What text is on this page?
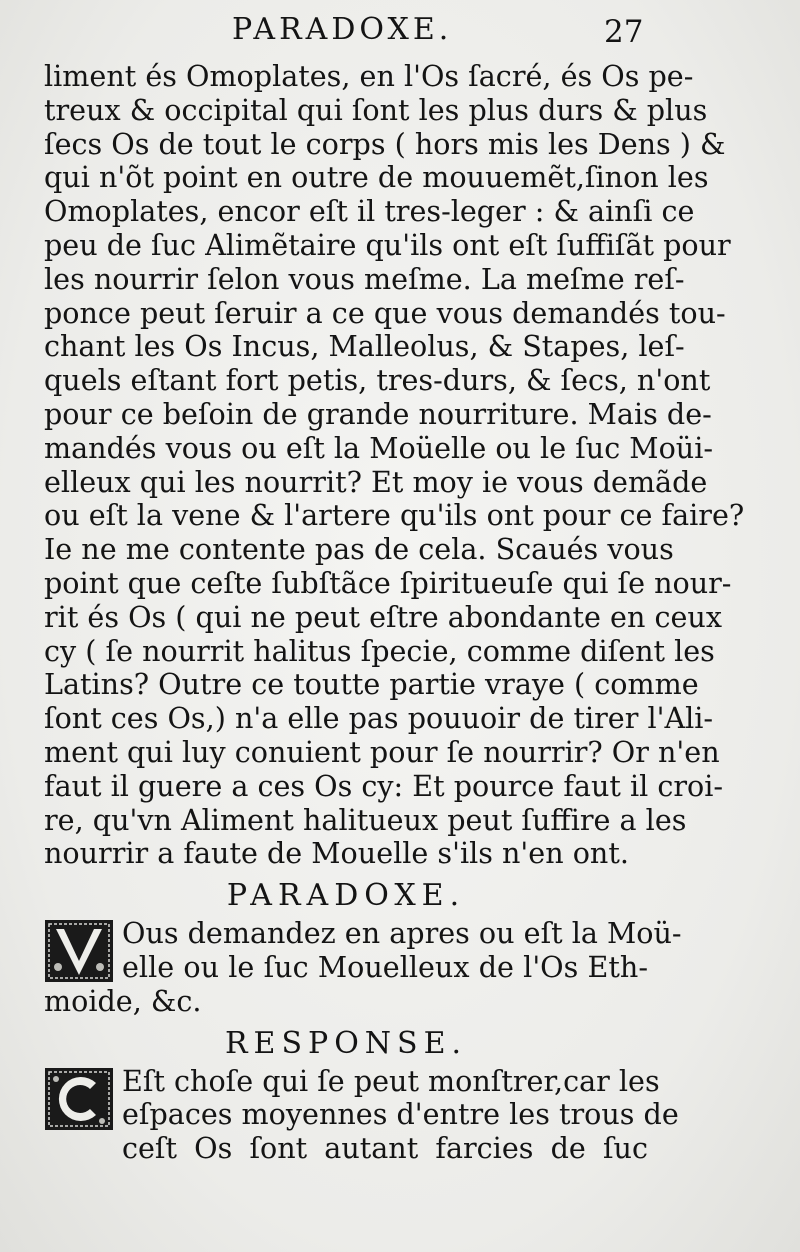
PARADOXE.	27
liment és Omoplates, en l'Os ſacré, és Os pe-
treux & occipital qui ſont les plus durs & plus
ſecs Os de tout le corps ( hors mis les Dens ) &
qui n'õt point en outre de mouuemẽt,ſinon les
Omoplates, encor eſt il tres-leger : & ainſi ce
peu de ſuc Alimẽtaire qu'ils ont eſt ſuffiſãt pour
les nourrir ſelon vous meſme. La meſme reſ-
ponce peut ſeruir a ce que vous demandés tou-
chant les Os Incus, Malleolus, & Stapes, leſ-
quels eſtant fort petis, tres-durs, & ſecs, n'ont
pour ce beſoin de grande nourriture. Mais de-
mandés vous ou eſt la Moüelle ou le ſuc Moüi-
elleux qui les nourrit? Et moy ie vous demãde
ou eſt la vene & l'artere qu'ils ont pour ce faire?
Ie ne me contente pas de cela. Scaués vous
point que ceſte ſubſtãce ſpiritueuſe qui ſe nour-
rit és Os ( qui ne peut eſtre abondante en ceux
cy ( ſe nourrit halitus ſpecie, comme diſent les
Latins? Outre ce toutte partie vraye ( comme
ſont ces Os,) n'a elle pas pouuoir de tirer l'Ali-
ment qui luy conuient pour ſe nourrir? Or n'en
faut il guere a ces Os cy: Et pource faut il croi-
re, qu'vn Aliment halitueux peut ſuffire a les
nourrir a faute de Mouelle s'ils n'en ont.
PARADOXE.
Ous demandez en apres ou eſt la Moü-
elle ou le ſuc Mouelleux de l'Os Eth-
moide, &c.
RESPONSE.
Eſt choſe qui ſe peut monſtrer,car les
eſpaces moyennes d'entre les trous de
ceſt Os ſont autant farcies de ſuc
